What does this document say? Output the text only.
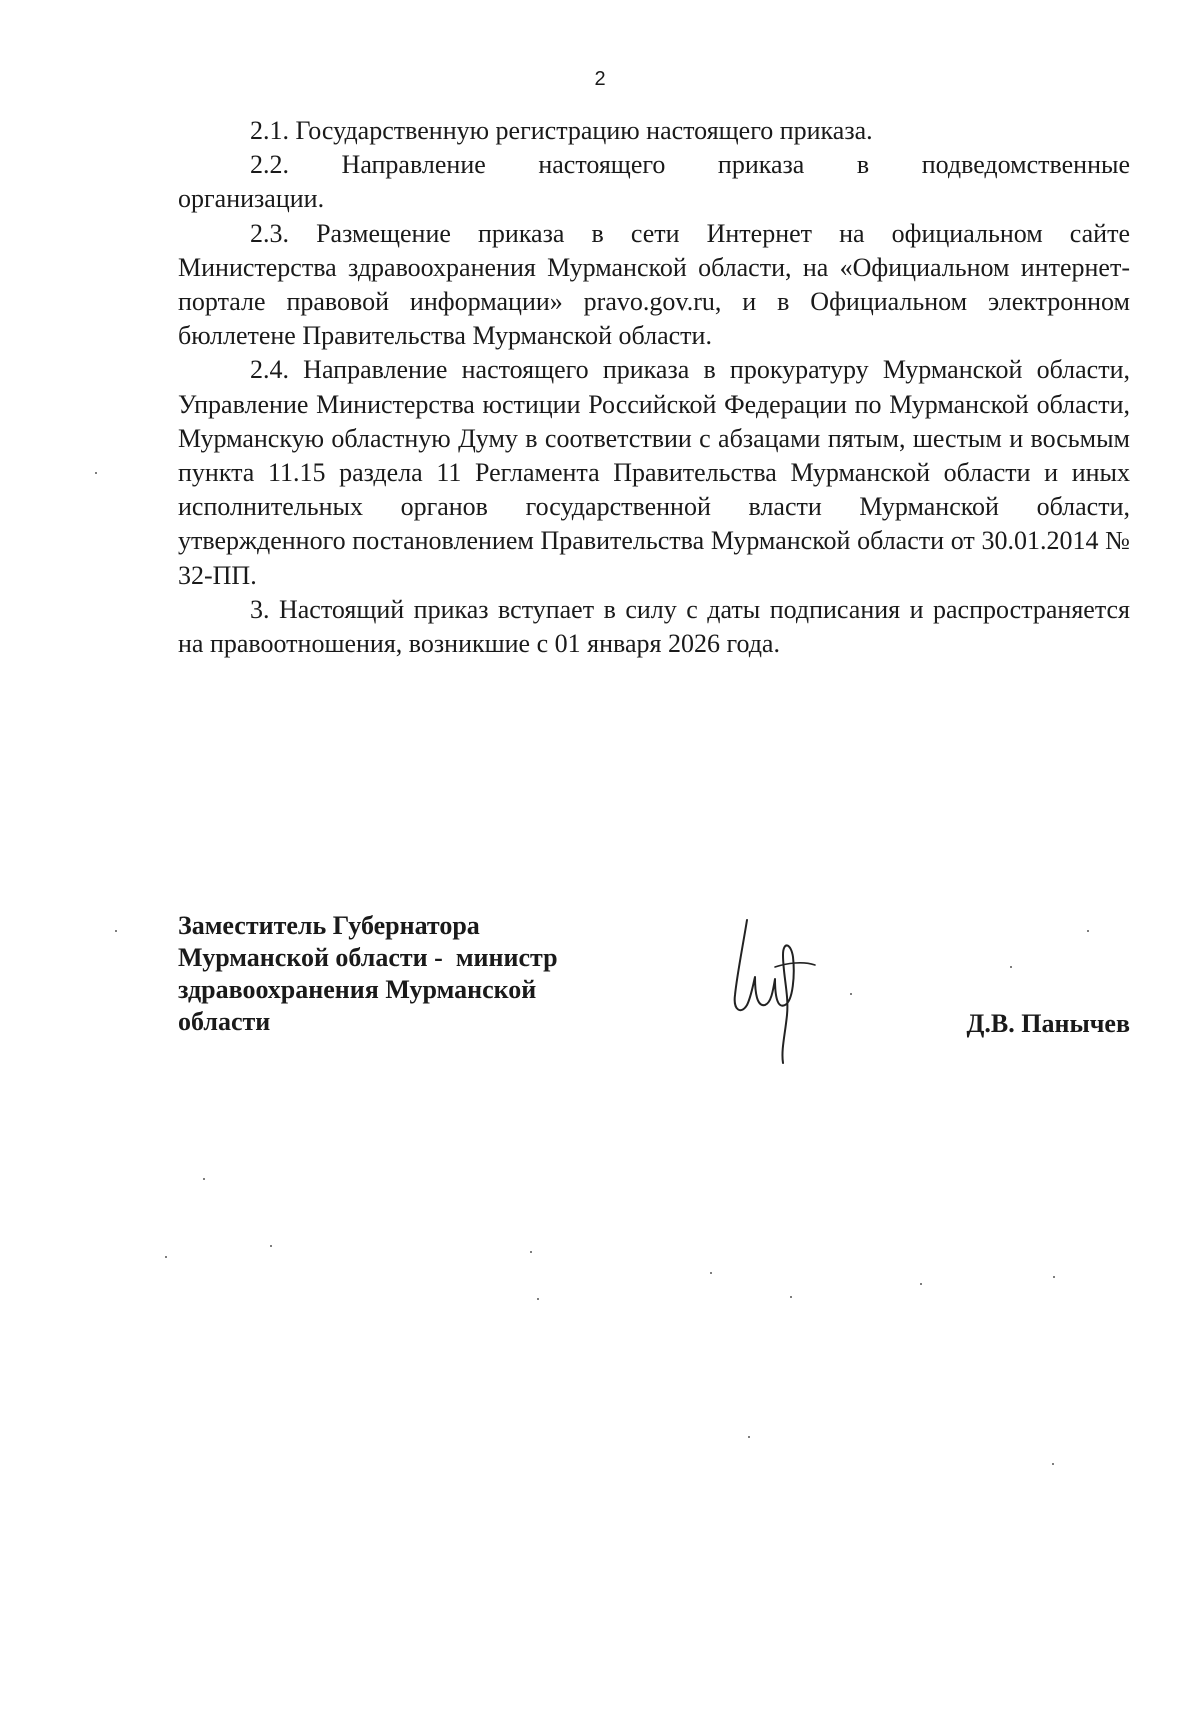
2

2.1. Государственную регистрацию настоящего приказа.

2.2. Направление настоящего приказа в подведомственные
организации.

2.3. Размещение приказа в сети Интернет на официальном сайте Министерства здравоохранения Мурманской области, на «Официальном интернет-портале правовой информации» pravo.gov.ru, и в Официальном электронном бюллетене Правительства Мурманской области.

2.4. Направление настоящего приказа в прокуратуру Мурманской области, Управление Министерства юстиции Российской Федерации по Мурманской области, Мурманскую областную Думу в соответствии с абзацами пятым, шестым и восьмым пункта 11.15 раздела 11 Регламента Правительства Мурманской области и иных исполнительных органов государственной власти Мурманской области, утвержденного постановлением Правительства Мурманской области от 30.01.2014 № 32-ПП.

3. Настоящий приказ вступает в силу с даты подписания и распространяется на правоотношения, возникшие с 01 января 2026 года.

Заместитель Губернатора
Мурманской области -  министр
здравоохранения Мурманской
области	Д.В. Панычев
